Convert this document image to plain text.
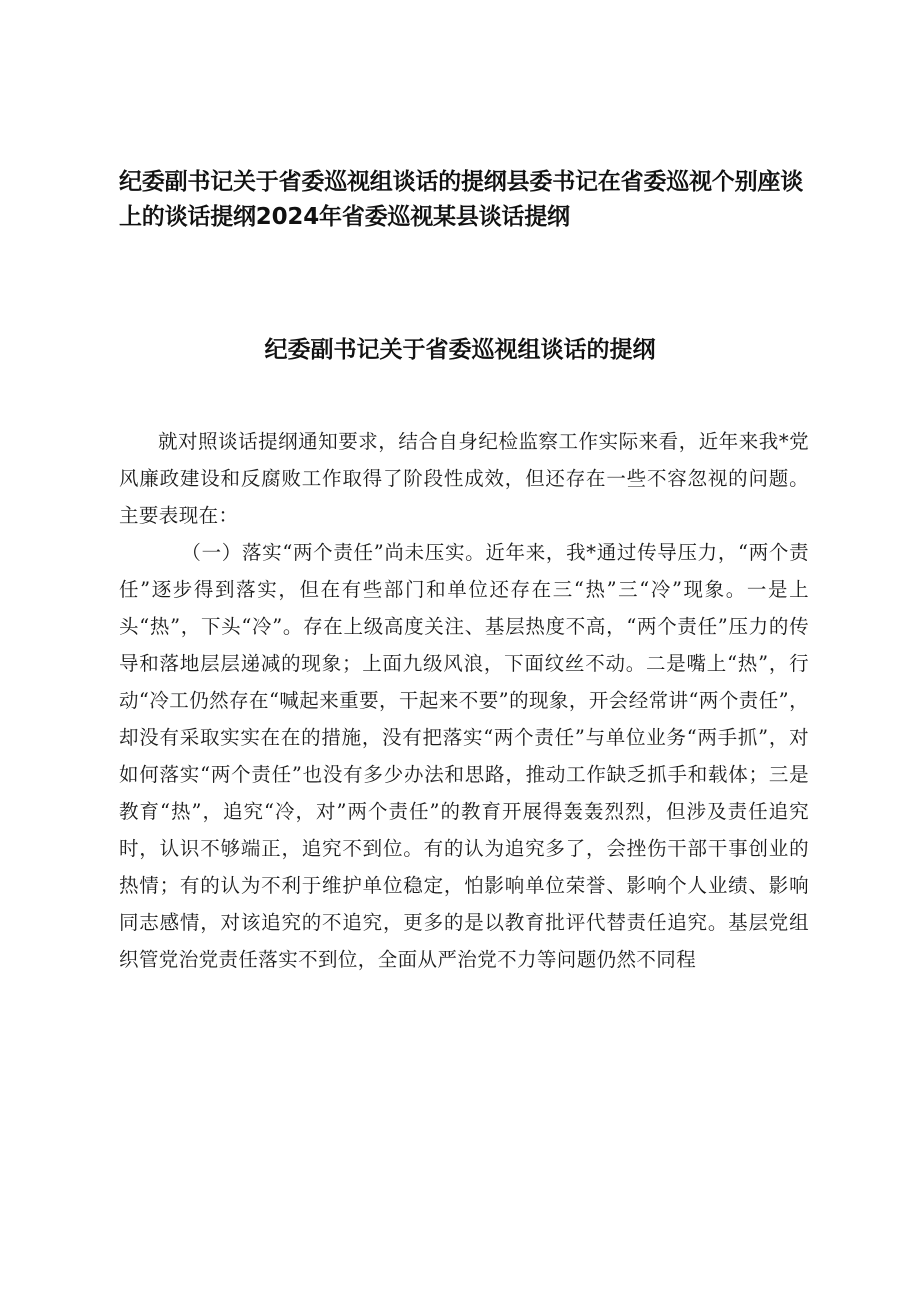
纪委副书记关于省委巡视组谈话的提纲县委书记在省委巡视个别座谈上的谈话提纲2024年省委巡视某县谈话提纲
纪委副书记关于省委巡视组谈话的提纲

就对照谈话提纲通知要求，结合自身纪检监察工作实际来看，近年来我*党风廉政建设和反腐败工作取得了阶段性成效，但还存在一些不容忽视的问题。主要表现在：

（一）落实“两个责任”尚未压实。近年来，我*通过传导压力，“两个责任”逐步得到落实，但在有些部门和单位还存在三“热”三“冷”现象。一是上头“热”，下头“冷”。存在上级高度关注、基层热度不高，“两个责任”压力的传导和落地层层递减的现象；上面九级风浪，下面纹丝不动。二是嘴上“热”，行动“冷工仍然存在“喊起来重要，干起来不要”的现象，开会经常讲“两个责任”，却没有采取实实在在的措施，没有把落实“两个责任”与单位业务“两手抓”，对如何落实“两个责任”也没有多少办法和思路，推动工作缺乏抓手和载体；三是教育“热”，追究“冷，对”两个责任”的教育开展得轰轰烈烈，但涉及责任追究时，认识不够端正，追究不到位。有的认为追究多了，会挫伤干部干事创业的热情；有的认为不利于维护单位稳定，怕影响单位荣誉、影响个人业绩、影响同志感情，对该追究的不追究，更多的是以教育批评代替责任追究。基层党组织管党治党责任落实不到位，全面从严治党不力等问题仍然不同程
